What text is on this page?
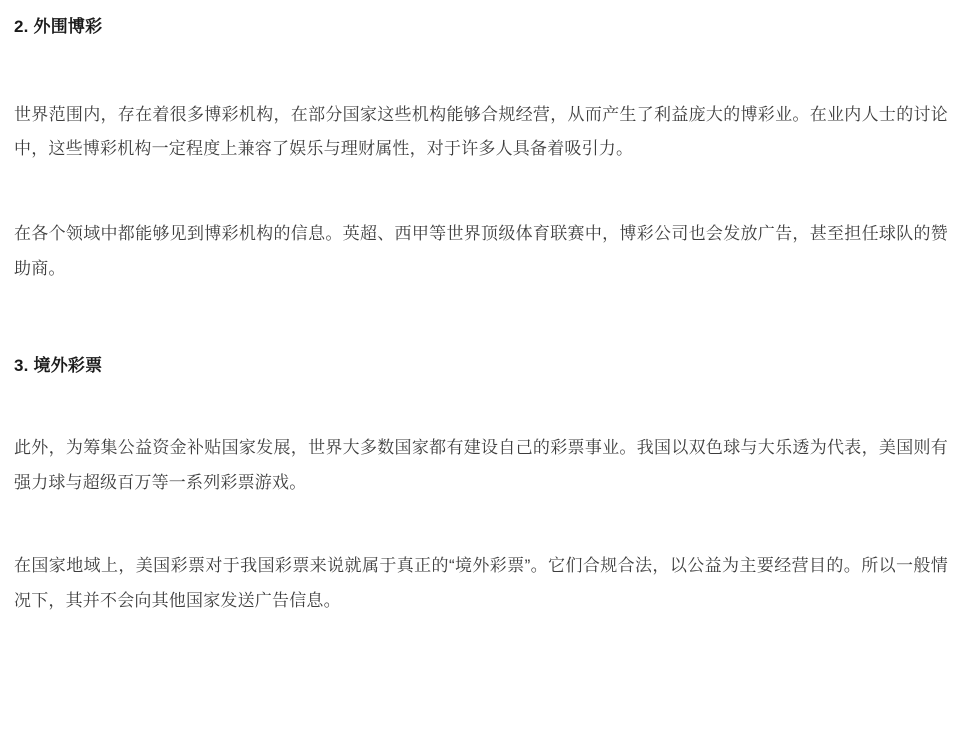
2. 外围博彩

世界范围内，存在着很多博彩机构，在部分国家这些机构能够合规经营，从而产生了利益庞大的博彩业。在业内人士的讨论中，这些博彩机构一定程度上兼容了娱乐与理财属性，对于许多人具备着吸引力。

在各个领域中都能够见到博彩机构的信息。英超、西甲等世界顶级体育联赛中，博彩公司也会发放广告，甚至担任球队的赞助商。

3. 境外彩票

此外，为筹集公益资金补贴国家发展，世界大多数国家都有建设自己的彩票事业。我国以双色球与大乐透为代表，美国则有强力球与超级百万等一系列彩票游戏。

在国家地域上，美国彩票对于我国彩票来说就属于真正的“境外彩票”。它们合规合法，以公益为主要经营目的。所以一般情况下，其并不会向其他国家发送广告信息。
